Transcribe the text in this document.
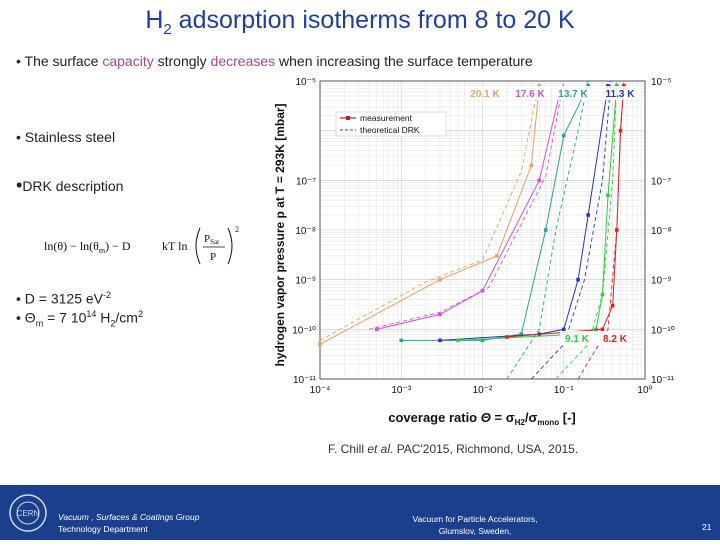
$H_2$ adsorption isotherms from 8 to 20 K
• The surface capacity strongly decreases when increasing the surface temperature
• Stainless steel
•DRK description
$\ln(\theta) - \ln(\theta_m) - D$	kT ln PSat
P
2
• D = 3125 $eV^{-2}$
• $\Theta_m = 7$ $10^{14}$ $H_2/cm^2$
10⁻⁴	10⁻³	10⁻²	10⁻¹	10⁰
10⁻⁵	10⁻⁵
10⁻⁷	10⁻⁷
10⁻⁸	10⁻⁸
10⁻⁹	10⁻⁹
10⁻¹⁰	10⁻¹⁰
10⁻¹¹	10⁻¹¹
hydrogen vapor pressure p at T = 293K [mbar]
coverage ratio $\Theta = \sigma_{H2}/\sigma_{mono}$ [-]
measurement
theoretical DRK
20.1 K 17.6 K 13.7 K 11.3 K
9.1 K 8.2 K
F. Chill et al. PAC'2015, Richmond, USA, 2015.
CERN Vacuum , Surfaces & Coatings Group
Technology Department
Vacuum for Particle Accelerators, Glumslov, Sweden,
6 - 16 June, 2017
21
